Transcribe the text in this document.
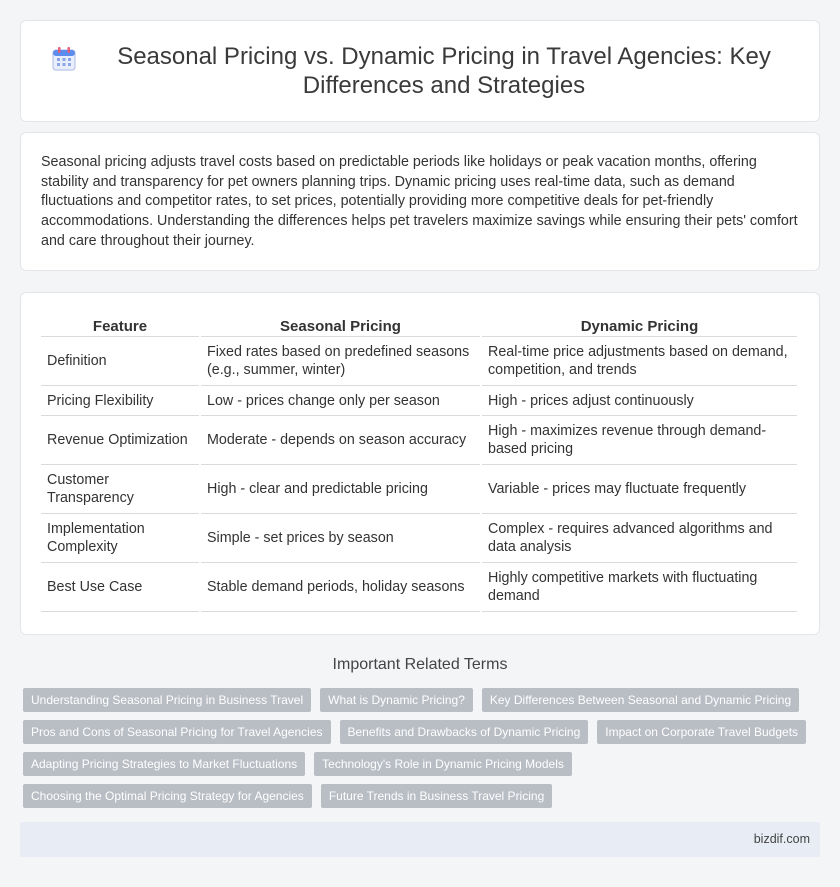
Seasonal Pricing vs. Dynamic Pricing in Travel Agencies: Key Differences and Strategies

Seasonal pricing adjusts travel costs based on predictable periods like holidays or peak vacation months, offering stability and transparency for pet owners planning trips. Dynamic pricing uses real-time data, such as demand fluctuations and competitor rates, to set prices, potentially providing more competitive deals for pet-friendly accommodations. Understanding the differences helps pet travelers maximize savings while ensuring their pets' comfort and care throughout their journey.

Feature	Seasonal Pricing	Dynamic Pricing
Definition	Fixed rates based on predefined seasons (e.g., summer, winter)	Real-time price adjustments based on demand, competition, and trends
Pricing Flexibility	Low - prices change only per season	High - prices adjust continuously
Revenue Optimization	Moderate - depends on season accuracy	High - maximizes revenue through demand-based pricing
Customer Transparency	High - clear and predictable pricing	Variable - prices may fluctuate frequently
Implementation Complexity	Simple - set prices by season	Complex - requires advanced algorithms and data analysis
Best Use Case	Stable demand periods, holiday seasons	Highly competitive markets with fluctuating demand
Important Related Terms
Understanding Seasonal Pricing in Business Travel	What is Dynamic Pricing?	Key Differences Between Seasonal and Dynamic Pricing
Pros and Cons of Seasonal Pricing for Travel Agencies	Benefits and Drawbacks of Dynamic Pricing	Impact on Corporate Travel Budgets
Adapting Pricing Strategies to Market Fluctuations	Technology's Role in Dynamic Pricing Models
Choosing the Optimal Pricing Strategy for Agencies	Future Trends in Business Travel Pricing
bizdif.com
